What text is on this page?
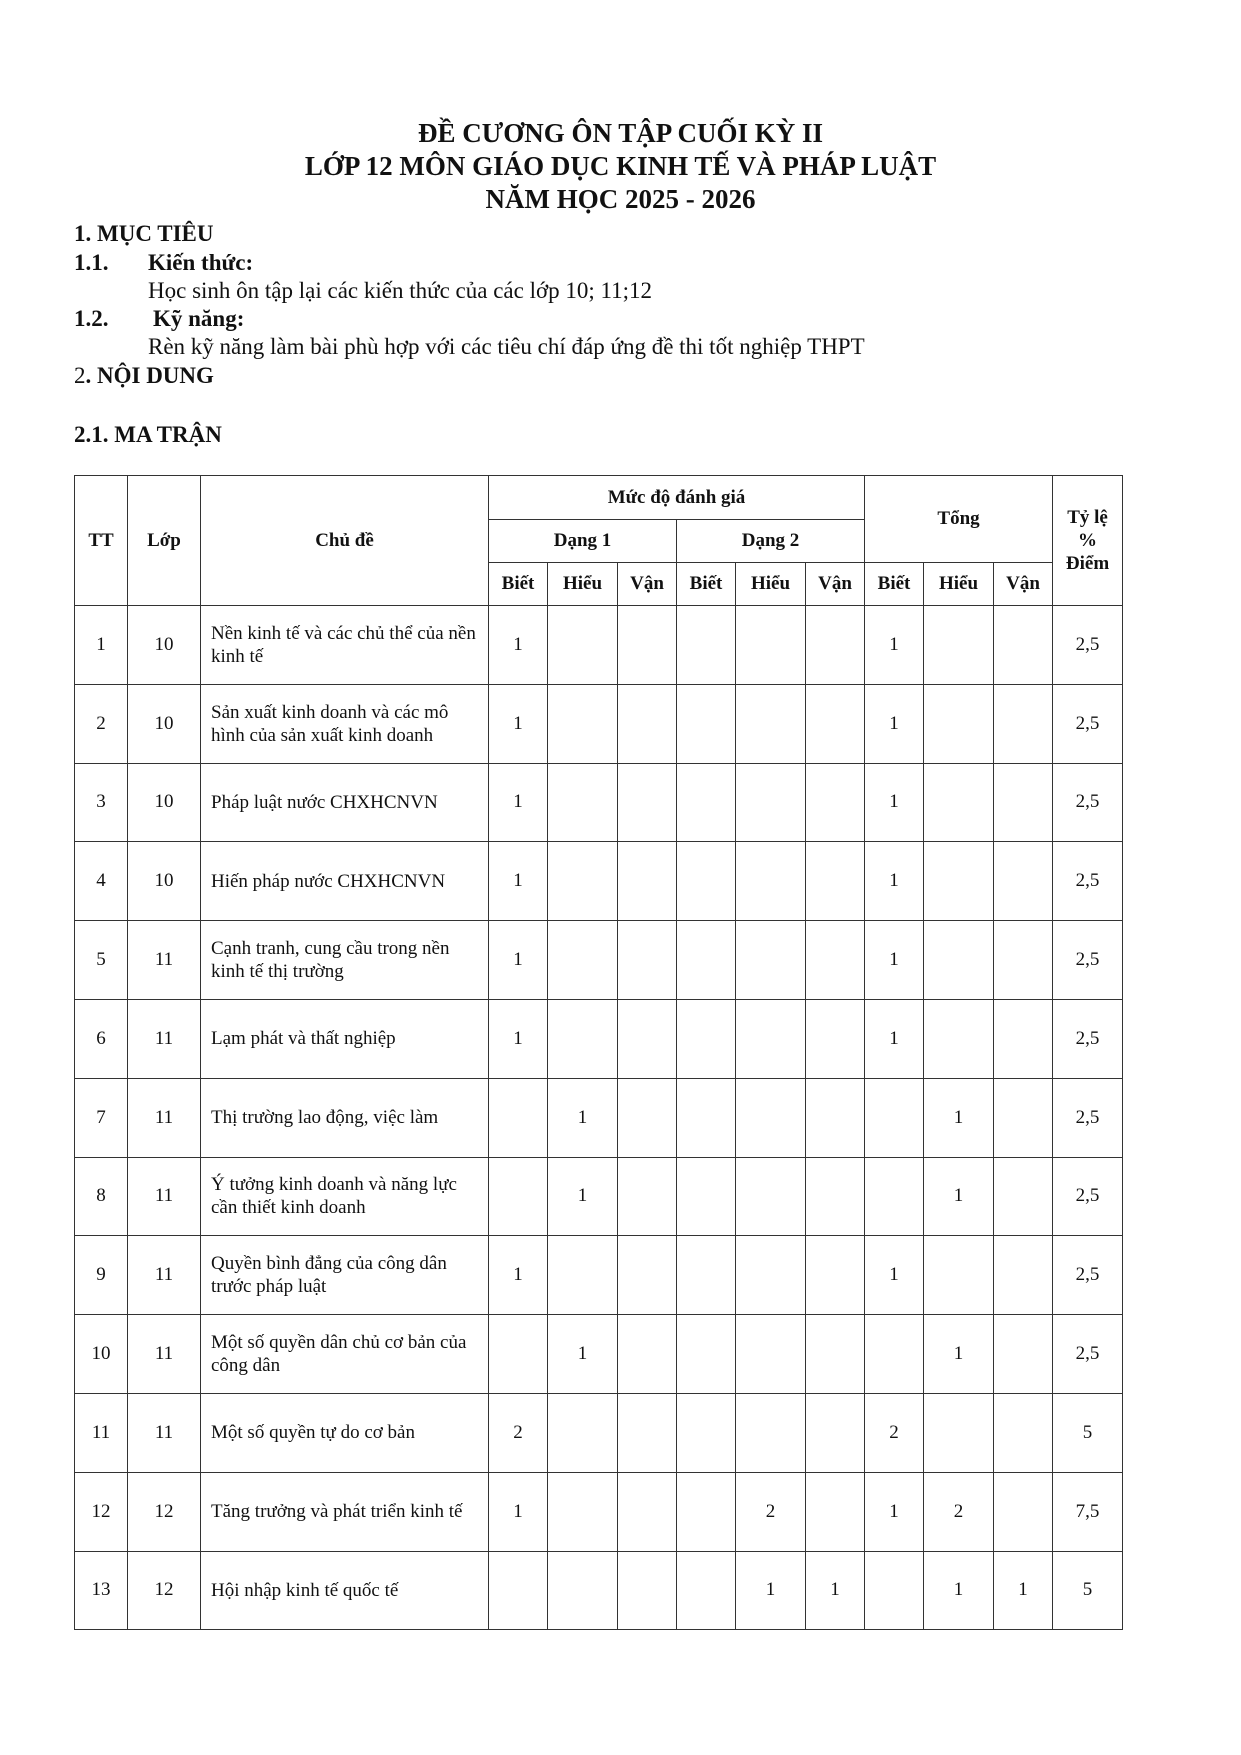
ĐỀ CƯƠNG ÔN TẬP CUỐI KỲ II
LỚP 12 MÔN GIÁO DỤC KINH TẾ VÀ PHÁP LUẬT
NĂM HỌC 2025 - 2026
1. MỤC TIÊU
1.1. Kiến thức:
Học sinh ôn tập lại các kiến thức của các lớp 10; 11;12
1.2. Kỹ năng:
Rèn kỹ năng làm bài phù hợp với các tiêu chí đáp ứng đề thi tốt nghiệp THPT
2. NỘI DUNG
2.1. MA TRẬN
TT	Lớp	Chủ đề	Mức độ đánh giá						Tổng			Tỷ lệ
%
Điểm

			Dạng 1			Dạng 2						
			Biết	Hiểu	Vận	Biết	Hiểu	Vận	Biết	Hiểu	Vận	
1	10	Nền kinh tế và các chủ thể của nền kinh tế	1						1			2,5
2	10	Sản xuất kinh doanh và các mô hình của sản xuất kinh doanh	1						1			2,5
3	10	Pháp luật nước CHXHCNVN	1						1			2,5
4	10	Hiến pháp nước CHXHCNVN	1						1			2,5
5	11	Cạnh tranh, cung cầu trong nền kinh tế thị trường	1						1			2,5
6	11	Lạm phát và thất nghiệp	1						1			2,5
7	11	Thị trường lao động, việc làm		1						1		2,5
8	11	Ý tưởng kinh doanh và năng lực cần thiết kinh doanh		1						1		2,5
9	11	Quyền bình đẳng của công dân trước pháp luật	1						1			2,5
10	11	Một số quyền dân chủ cơ bản của công dân		1						1		2,5
11	11	Một số quyền tự do cơ bản	2						2			5
12	12	Tăng trưởng và phát triển kinh tế	1				2		1	2		7,5
13	12	Hội nhập kinh tế quốc tế					1	1		1	1	5
